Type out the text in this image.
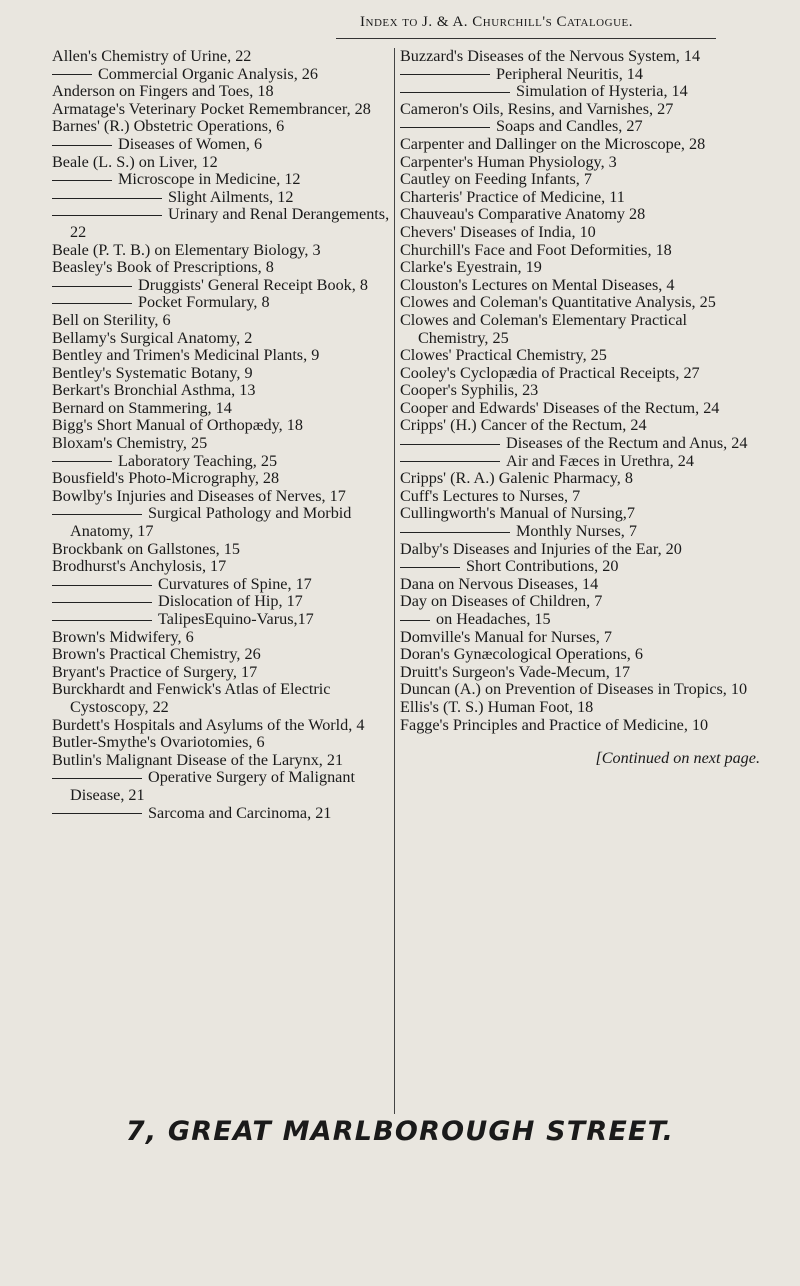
Index to J. & A. Churchill's Catalogue.

Allen's Chemistry of Urine, 22

Commercial Organic Analysis, 26

Anderson on Fingers and Toes, 18

Armatage's Veterinary Pocket Remembrancer, 28

Barnes' (R.) Obstetric Operations, 6

Diseases of Women, 6

Beale (L. S.) on Liver, 12

Microscope in Medicine, 12

Slight Ailments, 12

Urinary and Renal Derangements, 22

Beale (P. T. B.) on Elementary Biology, 3

Beasley's Book of Prescriptions, 8

Druggists' General Receipt Book, 8

Pocket Formulary, 8

Bell on Sterility, 6

Bellamy's Surgical Anatomy, 2

Bentley and Trimen's Medicinal Plants, 9

Bentley's Systematic Botany, 9

Berkart's Bronchial Asthma, 13

Bernard on Stammering, 14

Bigg's Short Manual of Orthopædy, 18

Bloxam's Chemistry, 25

Laboratory Teaching, 25

Bousfield's Photo-Micrography, 28

Bowlby's Injuries and Diseases of Nerves, 17

Surgical Pathology and Morbid Anatomy, 17

Brockbank on Gallstones, 15

Brodhurst's Anchylosis, 17

Curvatures of Spine, 17

Dislocation of Hip, 17

TalipesEquino-Varus,17

Brown's Midwifery, 6

Brown's Practical Chemistry, 26

Bryant's Practice of Surgery, 17

Burckhardt and Fenwick's Atlas of Electric Cystoscopy, 22

Burdett's Hospitals and Asylums of the World, 4

Butler-Smythe's Ovariotomies, 6

Butlin's Malignant Disease of the Larynx, 21

Operative Surgery of Malignant Disease, 21

Sarcoma and Carcinoma, 21

Buzzard's Diseases of the Nervous System, 14

Peripheral Neuritis, 14

Simulation of Hysteria, 14

Cameron's Oils, Resins, and Varnishes, 27

Soaps and Candles, 27

Carpenter and Dallinger on the Microscope, 28

Carpenter's Human Physiology, 3

Cautley on Feeding Infants, 7

Charteris' Practice of Medicine, 11

Chauveau's Comparative Anatomy 28

Chevers' Diseases of India, 10

Churchill's Face and Foot Deformities, 18

Clarke's Eyestrain, 19

Clouston's Lectures on Mental Diseases, 4

Clowes and Coleman's Quantitative Analysis, 25

Clowes and Coleman's Elementary Practical Chemistry, 25

Clowes' Practical Chemistry, 25

Cooley's Cyclopædia of Practical Receipts, 27

Cooper's Syphilis, 23

Cooper and Edwards' Diseases of the Rectum, 24

Cripps' (H.) Cancer of the Rectum, 24

Diseases of the Rectum and Anus, 24

Air and Fæces in Urethra, 24

Cripps' (R. A.) Galenic Pharmacy, 8

Cuff's Lectures to Nurses, 7

Cullingworth's Manual of Nursing,7

Monthly Nurses, 7

Dalby's Diseases and Injuries of the Ear, 20

Short Contributions, 20

Dana on Nervous Diseases, 14

Day on Diseases of Children, 7

on Headaches, 15

Domville's Manual for Nurses, 7

Doran's Gynæcological Operations, 6

Druitt's Surgeon's Vade-Mecum, 17

Duncan (A.) on Prevention of Diseases in Tropics, 10

Ellis's (T. S.) Human Foot, 18

Fagge's Principles and Practice of Medicine, 10

[Continued on next page.

7, GREAT MARLBOROUGH STREET.
